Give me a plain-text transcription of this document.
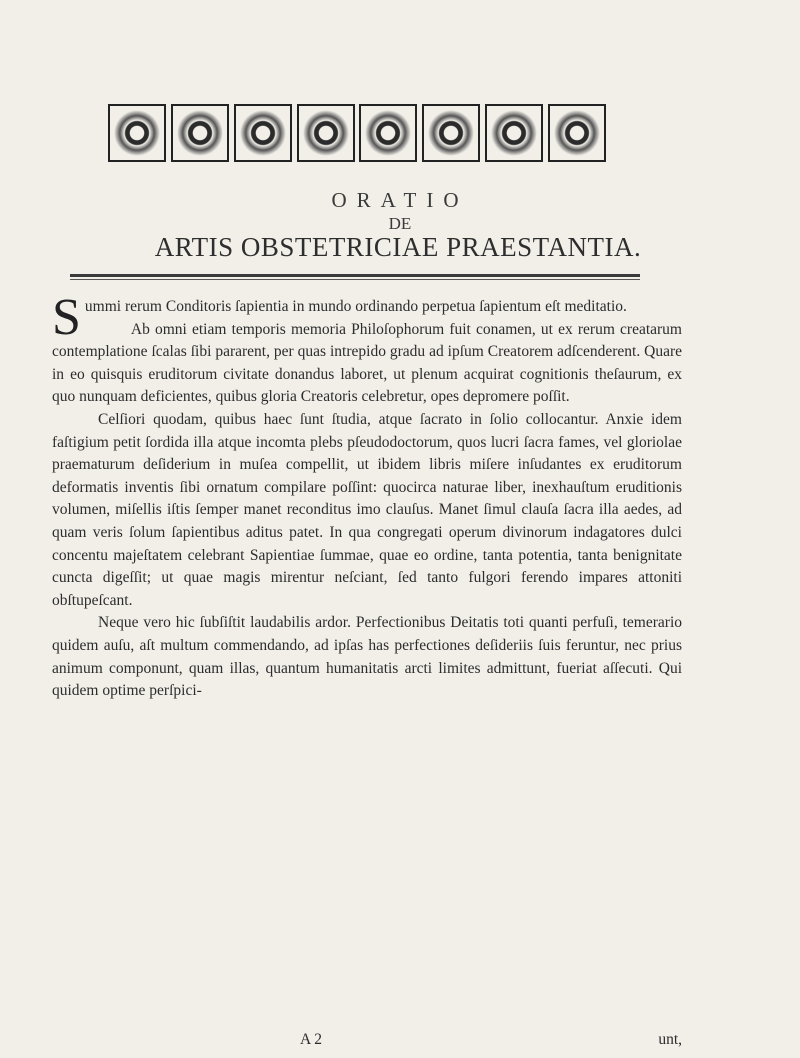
ORATIO
DE
ARTIS OBSTETRICIAE PRAESTANTIA.

Summi rerum Conditoris ſapientia in mundo ordinando perpetua ſapientum eſt meditatio.

Ab omni etiam temporis memoria Philoſophorum fuit conamen, ut ex rerum creatarum contemplatione ſcalas ſibi pararent, per quas intrepido gradu ad ipſum Creatorem adſcenderent. Quare in eo quisquis eruditorum civitate donandus laboret, ut plenum acquirat cognitionis theſaurum, ex quo nunquam deficientes, quibus gloria Creatoris celebretur, opes depromere poſſit.

Celſiori quodam, quibus haec ſunt ſtudia, atque ſacrato in ſolio collocantur. Anxie idem faſtigium petit ſordida illa atque incomta plebs pſeudodoctorum, quos lucri ſacra fames, vel gloriolae praematurum deſiderium in muſea compellit, ut ibidem libris miſere inſudantes ex eruditorum deformatis inventis ſibi ornatum compilare poſſint: quocirca naturae liber, inexhauſtum eruditionis volumen, miſellis iſtis ſemper manet reconditus imo clauſus. Manet ſimul clauſa ſacra illa aedes, ad quam veris ſolum ſapientibus aditus patet. In qua congregati operum divinorum indagatores dulci concentu majeſtatem celebrant Sapientiae ſummae, quae eo ordine, tanta potentia, tanta benignitate cuncta digeſſit; ut quae magis mirentur neſciant, ſed tanto fulgori ferendo impares attoniti obſtupeſcant.

Neque vero hic ſubſiſtit laudabilis ardor. Perfectionibus Deitatis toti quanti perfuſi, temerario quidem auſu, aſt multum commendando, ad ipſas has perfectiones deſideriis ſuis feruntur, nec prius animum componunt, quam illas, quantum humanitatis arcti limites admittunt, fueriat aſſecuti. Qui quidem optime perſpici-

A 2	unt,
